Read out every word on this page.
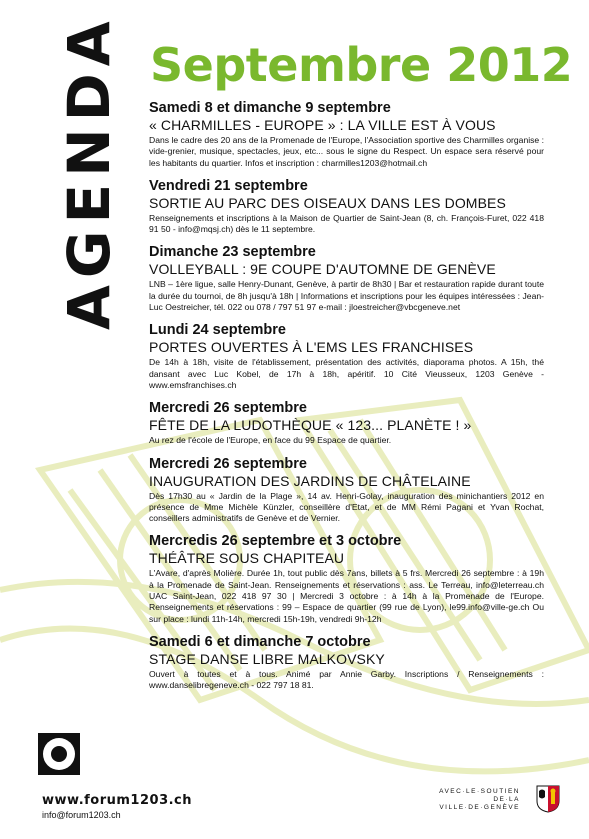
AGENDA Septembre 2012
Samedi 8 et dimanche 9 septembre
« CHARMILLES - EUROPE » : LA VILLE EST À VOUS
Dans le cadre des 20 ans de la Promenade de l'Europe, l'Association sportive des Charmilles organise : vide-grenier, musique, spectacles, jeux, etc... sous le signe du Respect. Un espace sera réservé pour les habitants du quartier. Infos et inscription : charmilles1203@hotmail.ch
Vendredi 21 septembre
SORTIE AU PARC DES OISEAUX DANS LES DOMBES
Renseignements et inscriptions à la Maison de Quartier de Saint-Jean (8, ch. François-Furet, 022 418 91 50 - info@mqsj.ch) dès le 11 septembre.
Dimanche 23 septembre
VOLLEYBALL : 9E COUPE D'AUTOMNE DE GENÈVE
LNB – 1ère ligue, salle Henry-Dunant, Genève, à partir de 8h30 | Bar et restauration rapide durant toute la durée du tournoi, de 8h jusqu'à 18h | Informations et inscriptions pour les équipes intéressées : Jean-Luc Oestreicher, tél. 022 ou 078 / 797 51 97 e-mail : jloestreicher@vbcgeneve.net
Lundi 24 septembre
PORTES OUVERTES À L'EMS LES FRANCHISES
De 14h à 18h, visite de l'établissement, présentation des activités, diaporama photos. A 15h, thé dansant avec Luc Kobel, de 17h à 18h, apéritif. 10 Cité Vieusseux, 1203 Genève - www.emsfranchises.ch
Mercredi 26 septembre
FÊTE DE LA LUDOTHÈQUE « 123... PLANÈTE ! »
Au rez de l'école de l'Europe, en face du 99 Espace de quartier.
Mercredi 26 septembre
INAUGURATION DES JARDINS DE CHÂTELAINE
Dès 17h30 au « Jardin de la Plage », 14 av. Henri-Golay, inauguration des minichantiers 2012 en présence de Mme Michèle Künzler, conseillère d'Etat, et de MM Rémi Pagani et Yvan Rochat, conseillers administratifs de Genève et de Vernier.
Mercredis 26 septembre et 3 octobre
THÉÂTRE SOUS CHAPITEAU
L'Avare, d'après Molière. Durée 1h, tout public dès 7ans, billets à 5 frs. Mercredi 26 septembre : à 19h à la Promenade de Saint-Jean. Renseignements et réservations : ass. Le Terreau, info@leterreau.ch UAC Saint-Jean, 022 418 97 30 | Mercredi 3 octobre : à 14h à la Promenade de l'Europe. Renseignements et réservations : 99 – Espace de quartier (99 rue de Lyon), le99.info@ville-ge.ch Ou sur place : lundi 11h-14h, mercredi 15h-19h, vendredi 9h-12h
Samedi 6 et dimanche 7 octobre
STAGE DANSE LIBRE MALKOVSKY
Ouvert à toutes et à tous. Animé par Annie Garby. Inscriptions / Renseignements : www.danselibregeneve.ch - 022 797 18 81.
www.forum1203.ch
info@forum1203.ch
AVEC·LE·SOUTIEN
DE·LA
VILLE·DE·GENÈVE
